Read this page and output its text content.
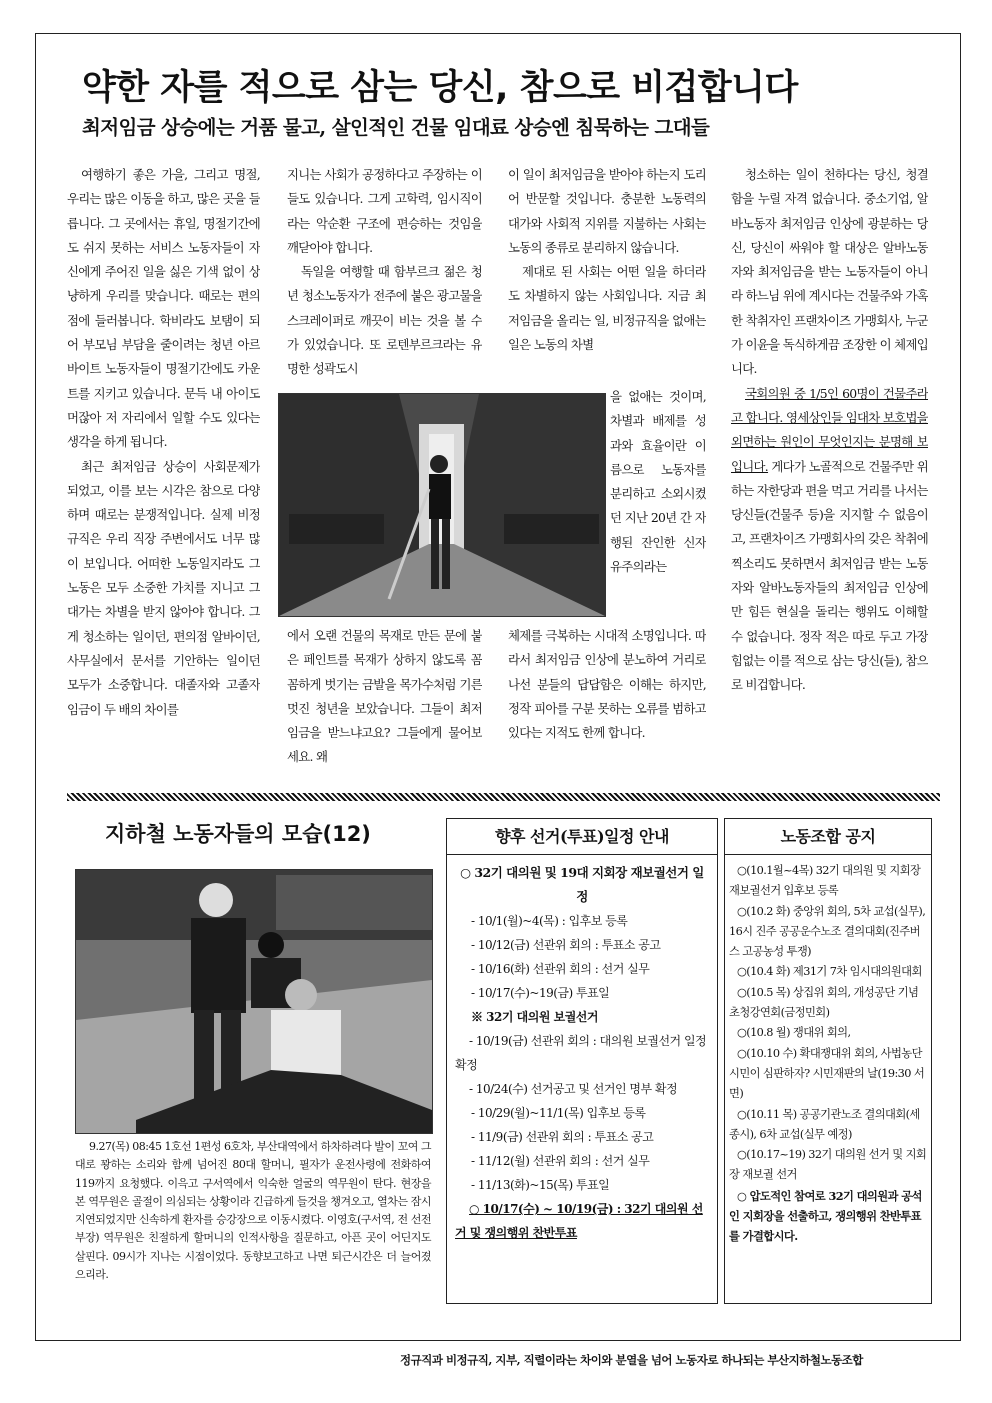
약한 자를 적으로 삼는 당신, 참으로 비겁합니다
최저임금 상승에는 거품 물고, 살인적인 건물 임대료 상승엔 침묵하는 그대들

여행하기 좋은 가을, 그리고 명절, 우리는 많은 이동을 하고, 많은 곳을 들릅니다. 그 곳에서는 휴일, 명절기간에도 쉬지 못하는 서비스 노동자들이 자신에게 주어진 일을 싫은 기색 없이 상냥하게 우리를 맞습니다. 때로는 편의점에 들러봅니다. 학비라도 보탬이 되어 부모님 부담을 줄이려는 청년 아르바이트 노동자들이 명절기간에도 카운트를 지키고 있습니다. 문득 내 아이도 머잖아 저 자리에서 일할 수도 있다는 생각을 하게 됩니다.

최근 최저임금 상승이 사회문제가 되었고, 이를 보는 시각은 참으로 다양하며 때로는 분쟁적입니다. 실제 비정규직은 우리 직장 주변에서도 너무 많이 보입니다. 어떠한 노동일지라도 그 노동은 모두 소중한 가치를 지니고 그 대가는 차별을 받지 않아야 합니다. 그게 청소하는 일이던, 편의점 알바이던, 사무실에서 문서를 기안하는 일이던 모두가 소중합니다. 대졸자와 고졸자 임금이 두 배의 차이를

지니는 사회가 공정하다고 주장하는 이들도 있습니다. 그게 고학력, 임시직이라는 악순환 구조에 편승하는 것임을 깨닫아야 합니다.

독일을 여행할 때 함부르크 젊은 청년 청소노동자가 전주에 붙은 광고물을 스크레이퍼로 깨끗이 비는 것을 볼 수가 있었습니다. 또 로텐부르크라는 유명한 성곽도시

에서 오랜 건물의 목재로 만든 문에 붙은 페인트를 목재가 상하지 않도록 꼼꼼하게 벗기는 금발을 목가수처럼 기른 멋진 청년을 보았습니다. 그들이 최저임금을 받느냐고요? 그들에게 물어보세요. 왜

이 일이 최저임금을 받아야 하는지 도리어 반문할 것입니다. 충분한 노동력의 대가와 사회적 지위를 지불하는 사회는 노동의 종류로 분리하지 않습니다.

제대로 된 사회는 어떤 일을 하더라도 차별하지 않는 사회입니다. 지금 최저임금을 올리는 일, 비정규직을 없애는 일은 노동의 차별

을 없애는 것이며, 차별과 배제를 성과와 효율이란 이름으로 노동자를 분리하고 소외시켰던 지난 20년 간 자행된 잔인한 신자유주의라는

체제를 극복하는 시대적 소명입니다. 따라서 최저임금 인상에 분노하여 거리로 나선 분들의 답답함은 이해는 하지만, 정작 피아를 구분 못하는 오류를 범하고 있다는 지적도 한께 합니다.

청소하는 일이 천하다는 당신, 청결함을 누릴 자격 없습니다. 중소기업, 알바노동자 최저임금 인상에 광분하는 당신, 당신이 싸워야 할 대상은 알바노동자와 최저임금을 받는 노동자들이 아니라 하느님 위에 계시다는 건물주와 가혹한 착취자인 프랜차이즈 가맹회사, 누군가 이윤을 독식하게끔 조장한 이 체제입니다.

국회의원 중 1/5인 60명이 건물주라고 합니다. 영세상인들 임대차 보호법을 외면하는 원인이 무엇인지는 분명해 보입니다. 게다가 노골적으로 건물주만 위하는 자한당과 편을 먹고 거리를 나서는 당신들(건물주 등)을 지지할 수 없음이고, 프랜차이즈 가맹회사의 갖은 착취에 찍소리도 못하면서 최저임금 받는 노동자와 알바노동자들의 최저임금 인상에만 힘든 현실을 돌리는 행위도 이해할 수 없습니다. 정작 적은 따로 두고 가장 힘없는 이를 적으로 삼는 당신(들), 참으로 비겁합니다.

지하철 노동자들의 모습(12)

9.27(목) 08:45 1호선 1편성 6호차, 부산대역에서 하차하려다 발이 꼬여 그대로 꽝하는 소리와 함께 넘어진 80대 할머니, 필자가 운전사령에 전화하여 119까지 요청했다. 이윽고 구서역에서 익숙한 얼굴의 역무원이 탄다. 현장을 본 역무원은 골절이 의심되는 상황이라 긴급하게 들것을 챙겨오고, 열차는 잠시 지연되었지만 신속하게 환자를 승강장으로 이동시켰다. 이영호(구서역, 전 선전부장) 역무원은 친절하게 할머니의 인적사항을 질문하고, 아픈 곳이 어딘지도 살핀다. 09시가 지나는 시점이었다. 동향보고하고 나면 퇴근시간은 더 늘어졌으리라.

향후 선거(투표)일정 안내
○ 32기 대의원 및 19대 지회장 재보궐선거 일정
- 10/1(월)~4(목) : 입후보 등록
- 10/12(금) 선관위 회의 : 투표소 공고
- 10/16(화) 선관위 회의 : 선거 실무
- 10/17(수)~19(금) 투표일
※ 32기 대의원 보궐선거
- 10/19(금) 선관위 회의 : 대의원 보궐선거 일정 확정
- 10/24(수) 선거공고 및 선거인 명부 확정
- 10/29(월)~11/1(목) 입후보 등록
- 11/9(금) 선관위 회의 : 투표소 공고
- 11/12(월) 선관위 회의 : 선거 실무
- 11/13(화)~15(목) 투표일
○ 10/17(수) ~ 10/19(금) : 32기 대의원 선거 및 쟁의행위 찬반투표
노동조합 공지

○(10.1월~4목) 32기 대의원 및 지회장 재보궐선거 입후보 등록

○(10.2 화) 중앙위 회의, 5차 교섭(실무), 16시 진주 공공운수노조 결의대회(진주버스 고공농성 투쟁)

○(10.4 화) 제31기 7차 임시대의원대회

○(10.5 목) 상집위 회의, 개성공단 기념초청강연회(금정민회)

○(10.8 월) 쟁대위 회의,

○(10.10 수) 확대쟁대위 회의, 사법농단 시민이 심판하자? 시민재판의 날(19:30 서면)

○(10.11 목) 공공기관노조 결의대회(세종시), 6차 교섭(실무 예정)

○(10.17~19) 32기 대의원 선거 및 지회장 재보궐 선거

○ 압도적인 참여로 32기 대의원과 공석인 지회장을 선출하고, 쟁의행위 찬반투표를 가결합시다.

정규직과 비정규직, 지부, 직렬이라는 차이와 분열을 넘어 노동자로 하나되는 부산지하철노동조합
